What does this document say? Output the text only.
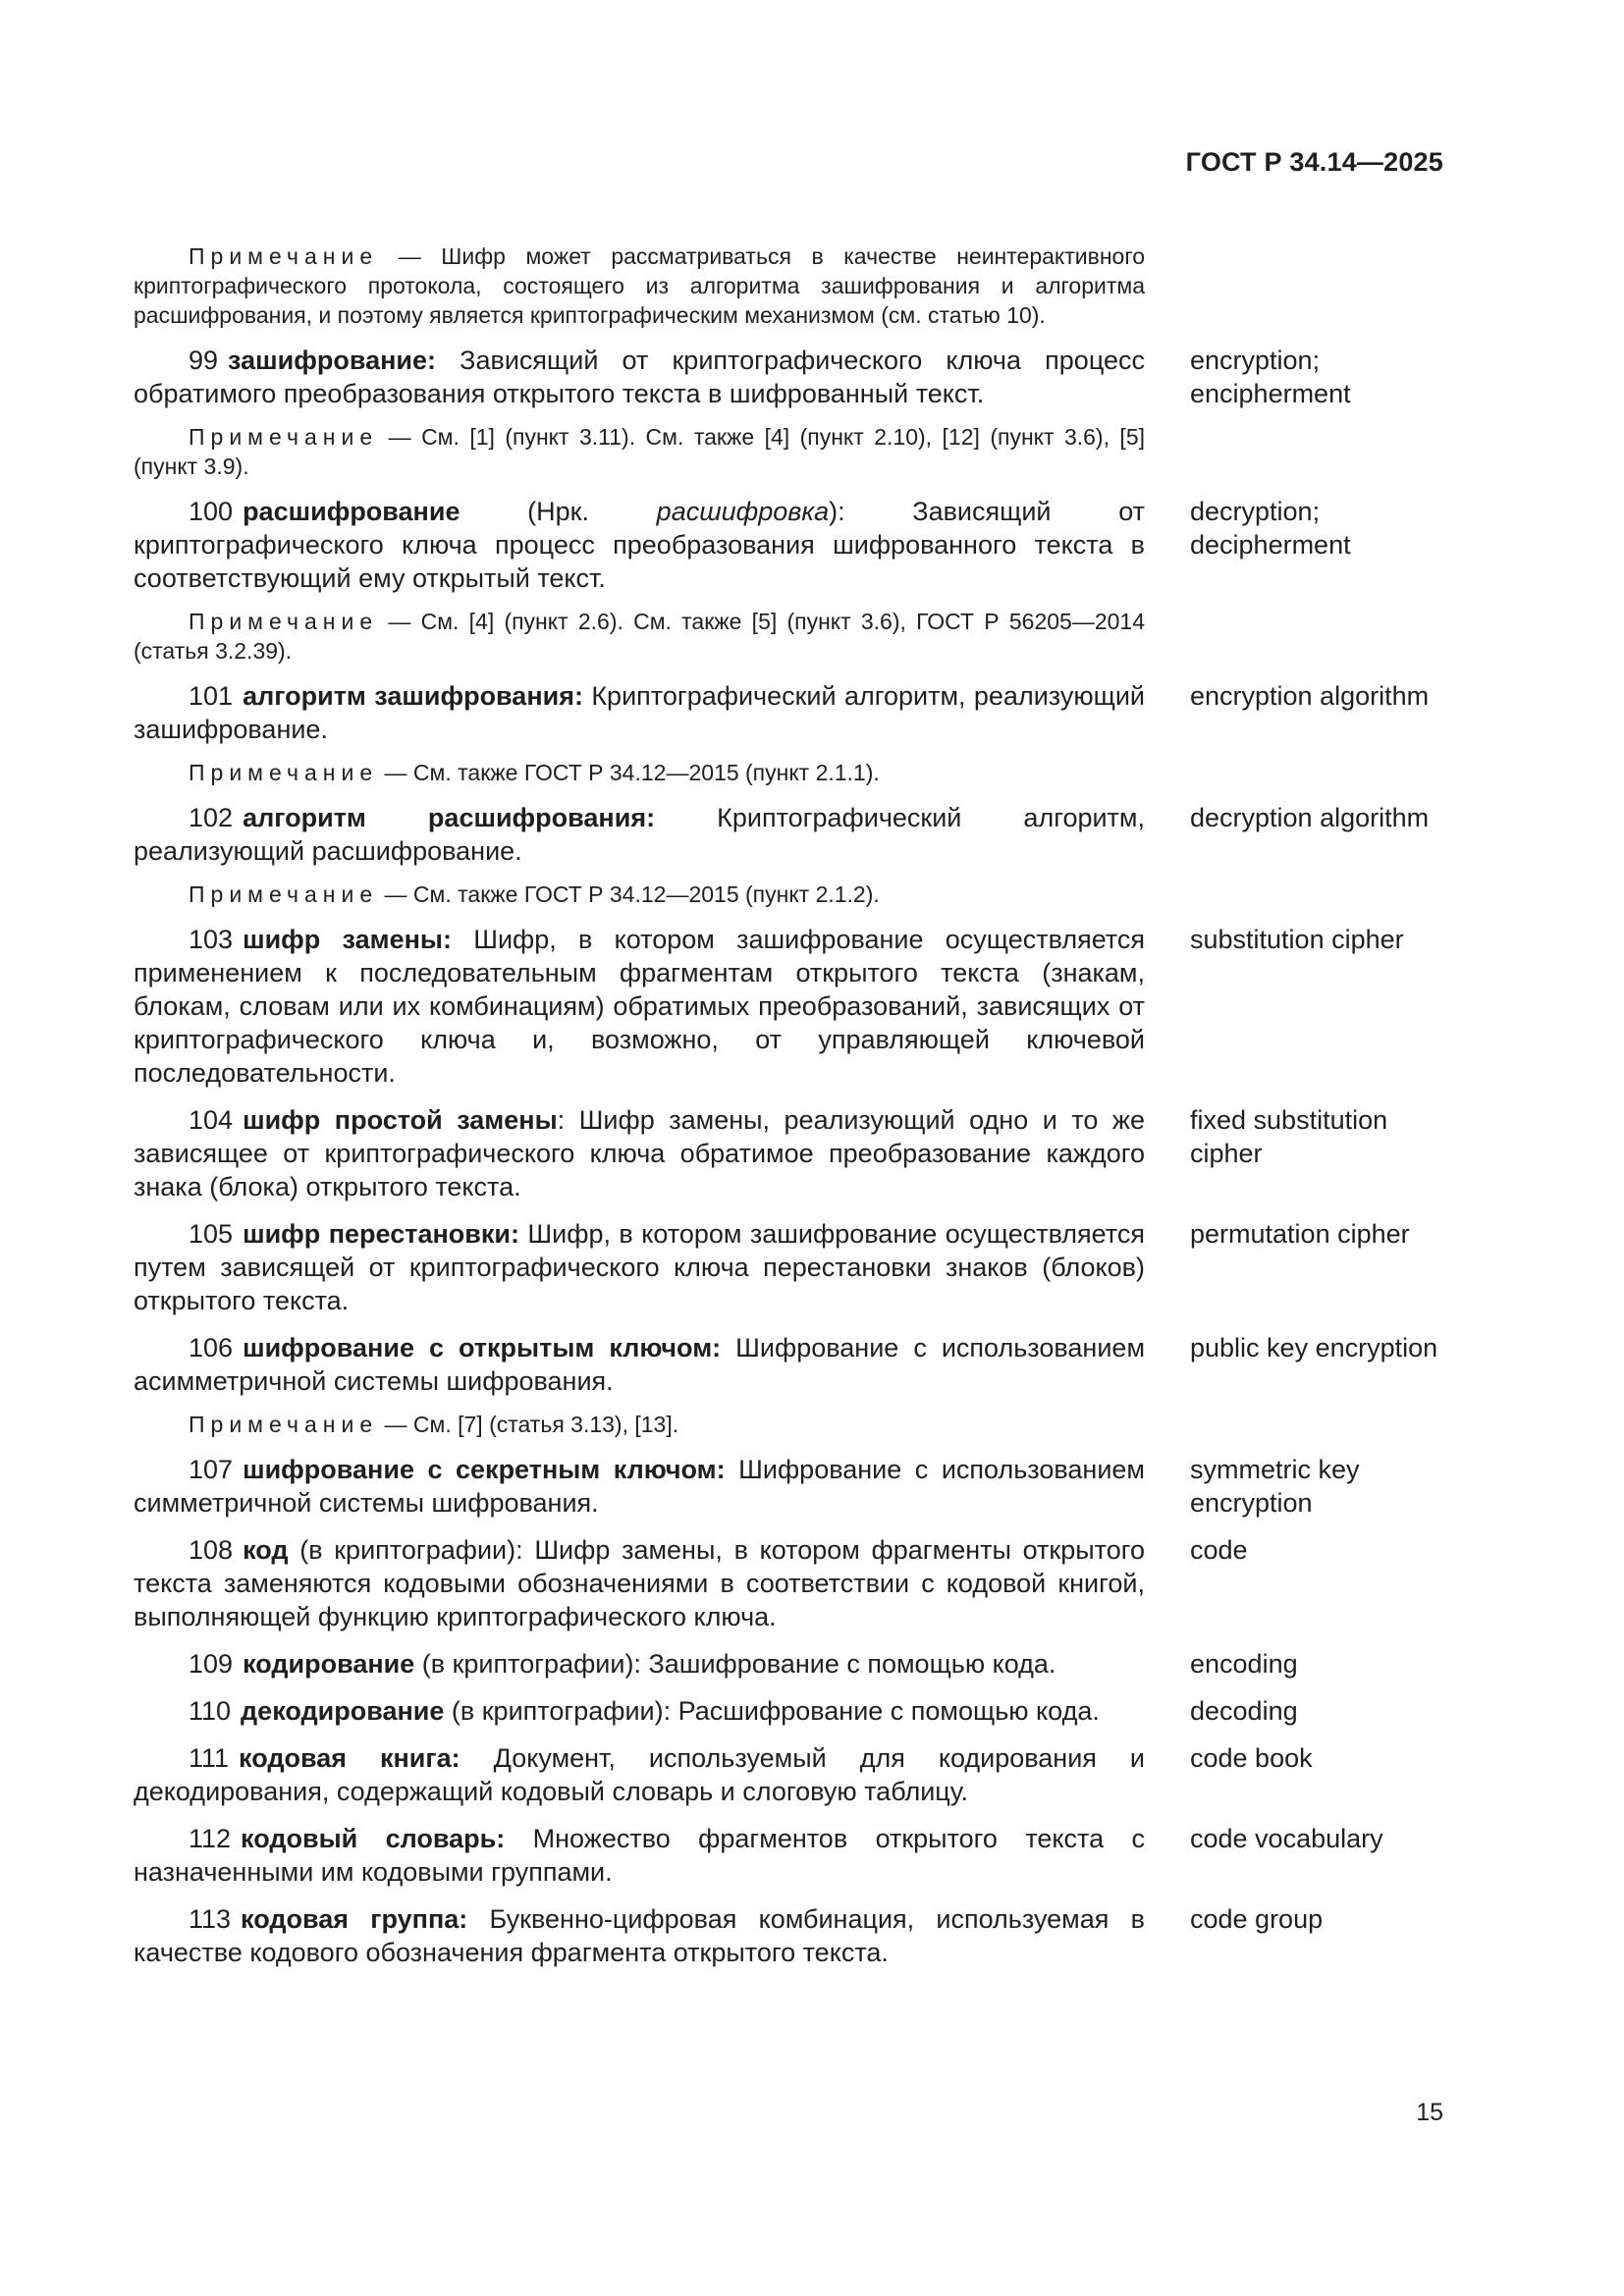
ГОСТ Р 34.14—2025
Примечание — Шифр может рассматриваться в качестве неинтерактивного криптографического протокола, состоящего из алгоритма зашифрования и алгоритма расшифрования, и поэтому является криптографическим механизмом (см. статью 10).		
99 зашифрование: Зависящий от криптографического ключа процесс обратимого преобразования открытого текста в шифрованный текст.		encryption; encipherment
Примечание — См. [1] (пункт 3.11). См. также [4] (пункт 2.10), [12] (пункт 3.6), [5] (пункт 3.9).		
100 расшифрование (Нрк. расшифровка): Зависящий от криптографического ключа процесс преобразования шифрованного текста в соответствующий ему открытый текст.		decryption; decipherment
Примечание — См. [4] (пункт 2.6). См. также [5] (пункт 3.6), ГОСТ Р 56205—2014 (статья 3.2.39).		
101 алгоритм зашифрования: Криптографический алгоритм, реализующий зашифрование.		encryption algorithm
Примечание — См. также ГОСТ Р 34.12—2015 (пункт 2.1.1).		
102 алгоритм расшифрования: Криптографический алгоритм, реализующий расшифрование.		decryption algorithm
Примечание — См. также ГОСТ Р 34.12—2015 (пункт 2.1.2).		
103 шифр замены: Шифр, в котором зашифрование осуществляется применением к последовательным фрагментам открытого текста (знакам, блокам, словам или их комбинациям) обратимых преобразований, зависящих от криптографического ключа и, возможно, от управляющей ключевой последовательности.		substitution cipher
104 шифр простой замены: Шифр замены, реализующий одно и то же зависящее от криптографического ключа обратимое преобразование каждого знака (блока) открытого текста.		fixed substitution cipher
105 шифр перестановки: Шифр, в котором зашифрование осуществляется путем зависящей от криптографического ключа перестановки знаков (блоков) открытого текста.		permutation cipher
106 шифрование с открытым ключом: Шифрование с использованием асимметричной системы шифрования.		public key encryption
Примечание — См. [7] (статья 3.13), [13].		
107 шифрование с секретным ключом: Шифрование с использованием симметричной системы шифрования.		symmetric key encryption
108 код (в криптографии): Шифр замены, в котором фрагменты открытого текста заменяются кодовыми обозначениями в соответствии с кодовой книгой, выполняющей функцию криптографического ключа.		code
109 кодирование (в криптографии): Зашифрование с помощью кода.		encoding
110 декодирование (в криптографии): Расшифрование с помощью кода.		decoding
111 кодовая книга: Документ, используемый для кодирования и декодирования, содержащий кодовый словарь и слоговую таблицу.		code book
112 кодовый словарь: Множество фрагментов открытого текста с назначенными им кодовыми группами.		code vocabulary
113 кодовая группа: Буквенно-цифровая комбинация, используемая в качестве кодового обозначения фрагмента открытого текста.		code group
15
